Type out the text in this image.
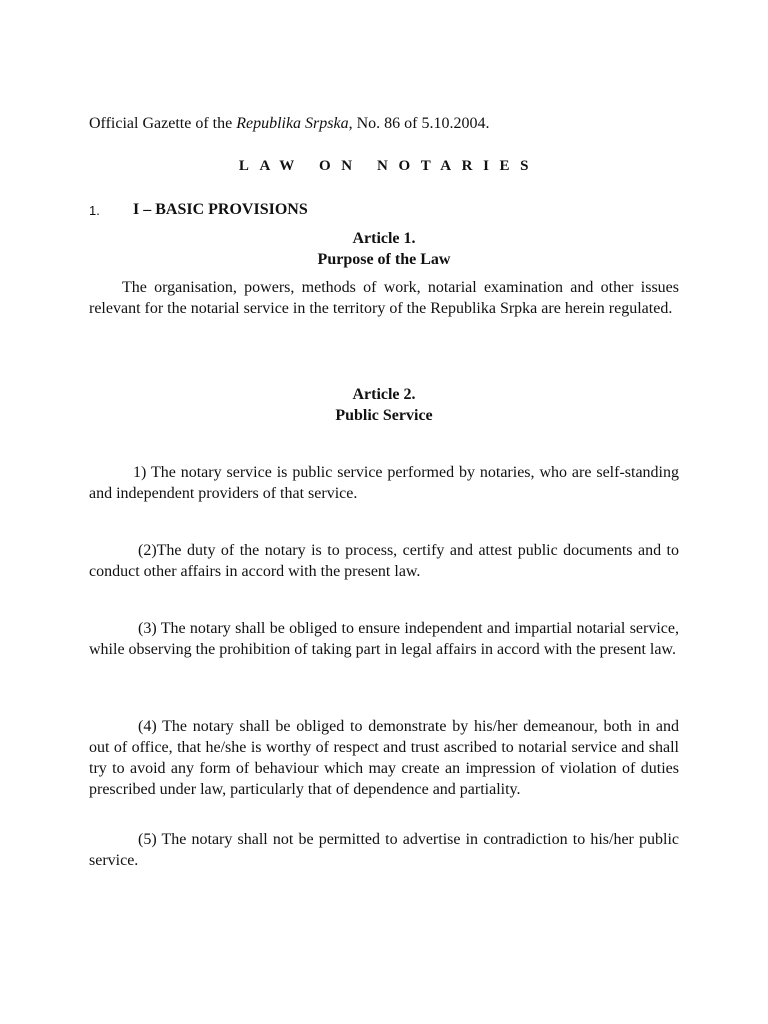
Official Gazette of the Republika Srpska, No. 86 of 5.10.2004.
LAW ON NOTARIES
1. I – BASIC PROVISIONS
Article 1.
Purpose of the Law
The organisation, powers, methods of work, notarial examination and other issues relevant for the notarial service in the territory of the Republika Srpka are herein regulated.
Article 2.
Public Service
1) The notary service is public service performed by notaries, who are self-standing and independent providers of that service.
(2)The duty of the notary is to process, certify and attest public documents and to conduct other affairs in accord with the present law.
(3) The notary shall be obliged to ensure independent and impartial notarial service, while observing the prohibition of taking part in legal affairs in accord with the present law.
(4) The notary shall be obliged to demonstrate by his/her demeanour, both in and out of office, that he/she is worthy of respect and trust ascribed to notarial service and shall try to avoid any form of behaviour which may create an impression of violation of duties prescribed under law, particularly that of dependence and partiality.
(5) The notary shall not be permitted to advertise in contradiction to his/her public service.
